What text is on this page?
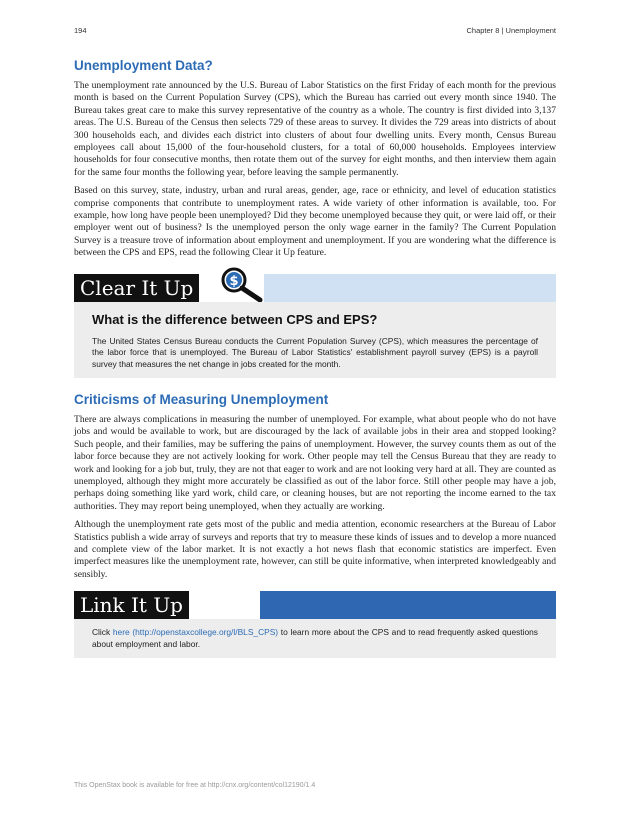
194	Chapter 8 | Unemployment
Unemployment Data?

The unemployment rate announced by the U.S. Bureau of Labor Statistics on the first Friday of each month for the previous month is based on the Current Population Survey (CPS), which the Bureau has carried out every month since 1940. The Bureau takes great care to make this survey representative of the country as a whole. The country is first divided into 3,137 areas. The U.S. Bureau of the Census then selects 729 of these areas to survey. It divides the 729 areas into districts of about 300 households each, and divides each district into clusters of about four dwelling units. Every month, Census Bureau employees call about 15,000 of the four-household clusters, for a total of 60,000 households. Employees interview households for four consecutive months, then rotate them out of the survey for eight months, and then interview them again for the same four months the following year, before leaving the sample permanently.

Based on this survey, state, industry, urban and rural areas, gender, age, race or ethnicity, and level of education statistics comprise components that contribute to unemployment rates. A wide variety of other information is available, too. For example, how long have people been unemployed? Did they become unemployed because they quit, or were laid off, or their employer went out of business? Is the unemployed person the only wage earner in the family? The Current Population Survey is a treasure trove of information about employment and unemployment. If you are wondering what the difference is between the CPS and EPS, read the following Clear it Up feature.

Clear It Up	$
What is the difference between CPS and EPS?

The United States Census Bureau conducts the Current Population Survey (CPS), which measures the percentage of the labor force that is unemployed. The Bureau of Labor Statistics' establishment payroll survey (EPS) is a payroll survey that measures the net change in jobs created for the month.

Criticisms of Measuring Unemployment

There are always complications in measuring the number of unemployed. For example, what about people who do not have jobs and would be available to work, but are discouraged by the lack of available jobs in their area and stopped looking? Such people, and their families, may be suffering the pains of unemployment. However, the survey counts them as out of the labor force because they are not actively looking for work. Other people may tell the Census Bureau that they are ready to work and looking for a job but, truly, they are not that eager to work and are not looking very hard at all. They are counted as unemployed, although they might more accurately be classified as out of the labor force. Still other people may have a job, perhaps doing something like yard work, child care, or cleaning houses, but are not reporting the income earned to the tax authorities. They may report being unemployed, when they actually are working.

Although the unemployment rate gets most of the public and media attention, economic researchers at the Bureau of Labor Statistics publish a wide array of surveys and reports that try to measure these kinds of issues and to develop a more nuanced and complete view of the labor market. It is not exactly a hot news flash that economic statistics are imperfect. Even imperfect measures like the unemployment rate, however, can still be quite informative, when interpreted knowledgeably and sensibly.

Link It Up

Click here (http://openstaxcollege.org/l/BLS_CPS) to learn more about the CPS and to read frequently asked questions about employment and labor.

This OpenStax book is available for free at http://cnx.org/content/col12190/1.4
